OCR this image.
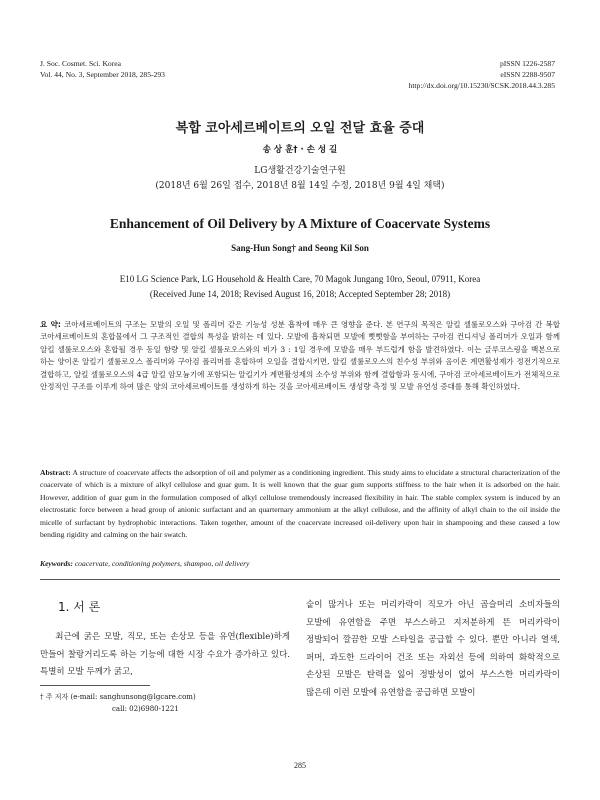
J. Soc. Cosmet. Sci. Korea
Vol. 44, No. 3, September 2018, 285-293
pISSN 1226-2587
eISSN 2288-9507
http://dx.doi.org/10.15230/SCSK.2018.44.3.285
복합 코아세르베이트의 오일 전달 효율 증대
송 상 훈† · 손 성 길
LG생활건강기술연구원
(2018년 6월 26일 접수, 2018년 8월 14일 수정, 2018년 9월 4일 채택)
Enhancement of Oil Delivery by A Mixture of Coacervate Systems
Sang-Hun Song† and Seong Kil Son
E10 LG Science Park, LG Household & Health Care, 70 Magok Jungang 10ro, Seoul, 07911, Korea
(Received June 14, 2018; Revised August 16, 2018; Accepted September 28; 2018)
요 약: 코아세르베이트의 구조는 모발의 오일 및 폴리머 같은 기능성 성분 흡착에 매우 큰 영향을 준다. 본 연구의 목적은 알킬 셀룰로오스와 구아검 간 복합 코아세르베이트의 혼합물에서 그 구조적인 결합의 특성을 밝히는 데 있다. 모발에 흡착되면 모발에 뻣뻣함을 부여하는 구아검 컨디셔닝 폴리머가 오일과 함께 알킬 셀룰로오스와 혼합될 경우 동일 함량 및 알킬 셀룰로오스와의 비가 3 : 1일 경우에 모발을 매우 부드럽게 함을 발견하였다. 이는 글루코스링을 백본으로 하는 양이온 알킬기 셀룰로오스 폴리머와 구아검 폴리머를 혼합하여 오일을 결합시키면, 알킬 셀룰로오스의 친수성 부위와 음이온 계면활성제가 정전기적으로 결합하고, 알킬 셀룰로오스의 4급 알킬 암모늄기에 포함되는 알킬기가 계면활성제의 소수성 부위와 함께 결합함과 동시에, 구아검 코아세르베이트가 전체적으로 안정적인 구조를 이루게 하여 많은 양의 코아세르베이트를 생성하게 하는 것을 코아세르베이트 생성량 측정 및 모발 유연성 증대를 통해 확인하였다.
Abstract: A structure of coacervate affects the adsorption of oil and polymer as a conditioning ingredient. This study aims to elucidate a structural characterization of the coacervate of which is a mixture of alkyl cellulose and guar gum. It is well known that the guar gum supports stiffness to the hair when it is adsorbed on the hair. However, addition of guar gum in the formulation composed of alkyl cellulose tremendously increased flexibility in hair. The stable complex system is induced by an electrostatic force between a head group of anionic surfactant and an quarternary ammonium at the alkyl cellulose, and the affinity of alkyl chain to the oil inside the micelle of surfactant by hydrophobic interactions. Taken together, amount of the coacervate increased oil-delivery upon hair in shampooing and these caused a low bending rigidity and calming on the hair swatch.
Keywords: coacervate, conditioning polymers, shampoo, oil delivery
1. 서 론
최근에 굵은 모발, 직모, 또는 손상모 등을 유연(flexible)하게 만들어 찰랑거리도록 하는 기능에 대한 시장 수요가 증가하고 있다. 특별히 모발 두께가 굵고,
숱이 많거나 또는 머리카락이 직모가 아닌 곱슬머리 소비자들의 모발에 유연함을 주면 부스스하고 지저분하게 뜬 머리카락이 정발되어 깔끔한 모발 스타일을 공급할 수 있다. 뿐만 아니라 열색, 퍼머, 과도한 드라이어 건조 또는 자외선 등에 의하여 화학적으로 손상된 모발은 탄력을 잃어 정발성이 없어 부스스한 머리카락이 많은데 이런 모발에 유연함을 공급하면 모발이
† 주 저자 (e-mail: sanghunsong@lgcare.com)
call: 02)6980-1221
285
